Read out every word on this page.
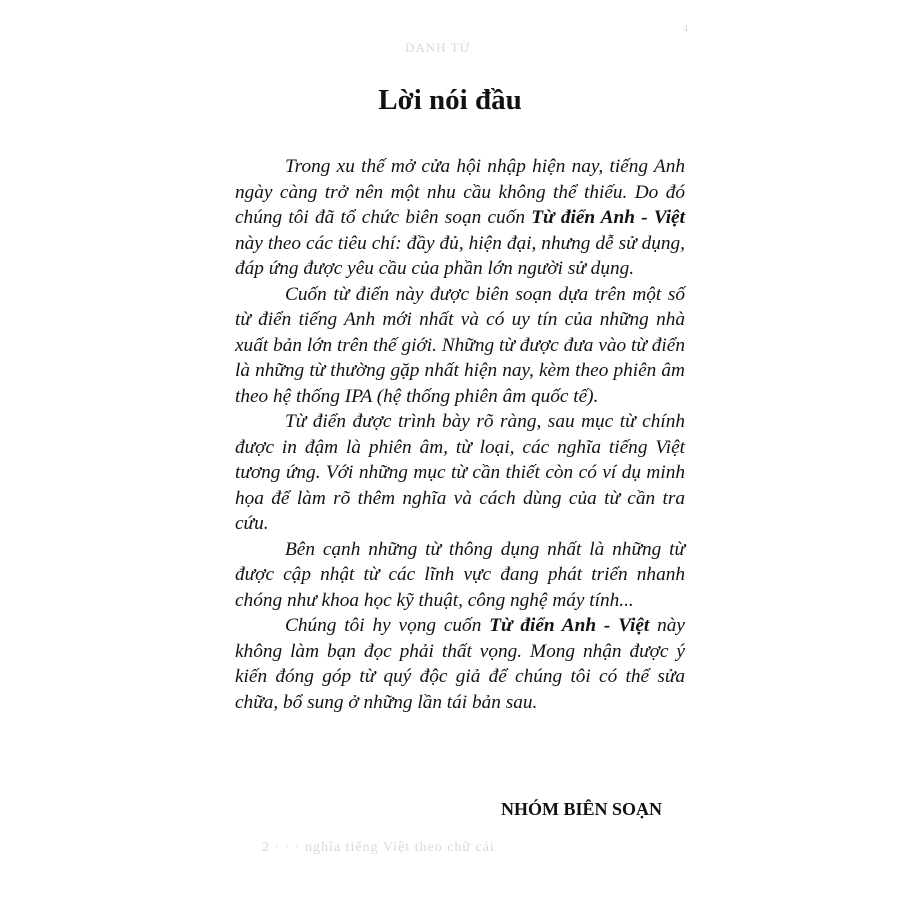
4
DANH TỪ
Lời nói đầu

Trong xu thế mở cửa hội nhập hiện nay, tiếng Anh ngày càng trở nên một nhu cầu không thể thiếu. Do đó chúng tôi đã tổ chức biên soạn cuốn Từ điển Anh - Việt này theo các tiêu chí: đầy đủ, hiện đại, nhưng dễ sử dụng, đáp ứng được yêu cầu của phần lớn người sử dụng.

Cuốn từ điển này được biên soạn dựa trên một số từ điển tiếng Anh mới nhất và có uy tín của những nhà xuất bản lớn trên thế giới. Những từ được đưa vào từ điển là những từ thường gặp nhất hiện nay, kèm theo phiên âm theo hệ thống IPA (hệ thống phiên âm quốc tế).

Từ điển được trình bày rõ ràng, sau mục từ chính được in đậm là phiên âm, từ loại, các nghĩa tiếng Việt tương ứng. Với những mục từ cần thiết còn có ví dụ minh họa để làm rõ thêm nghĩa và cách dùng của từ cần tra cứu.

Bên cạnh những từ thông dụng nhất là những từ được cập nhật từ các lĩnh vực đang phát triển nhanh chóng như khoa học kỹ thuật, công nghệ máy tính...

Chúng tôi hy vọng cuốn Từ điển Anh - Việt này không làm bạn đọc phải thất vọng. Mong nhận được ý kiến đóng góp từ quý độc giả để chúng tôi có thể sửa chữa, bổ sung ở những lần tái bản sau.

NHÓM BIÊN SOẠN
2 · · · nghĩa tiếng Việt theo chữ cái
